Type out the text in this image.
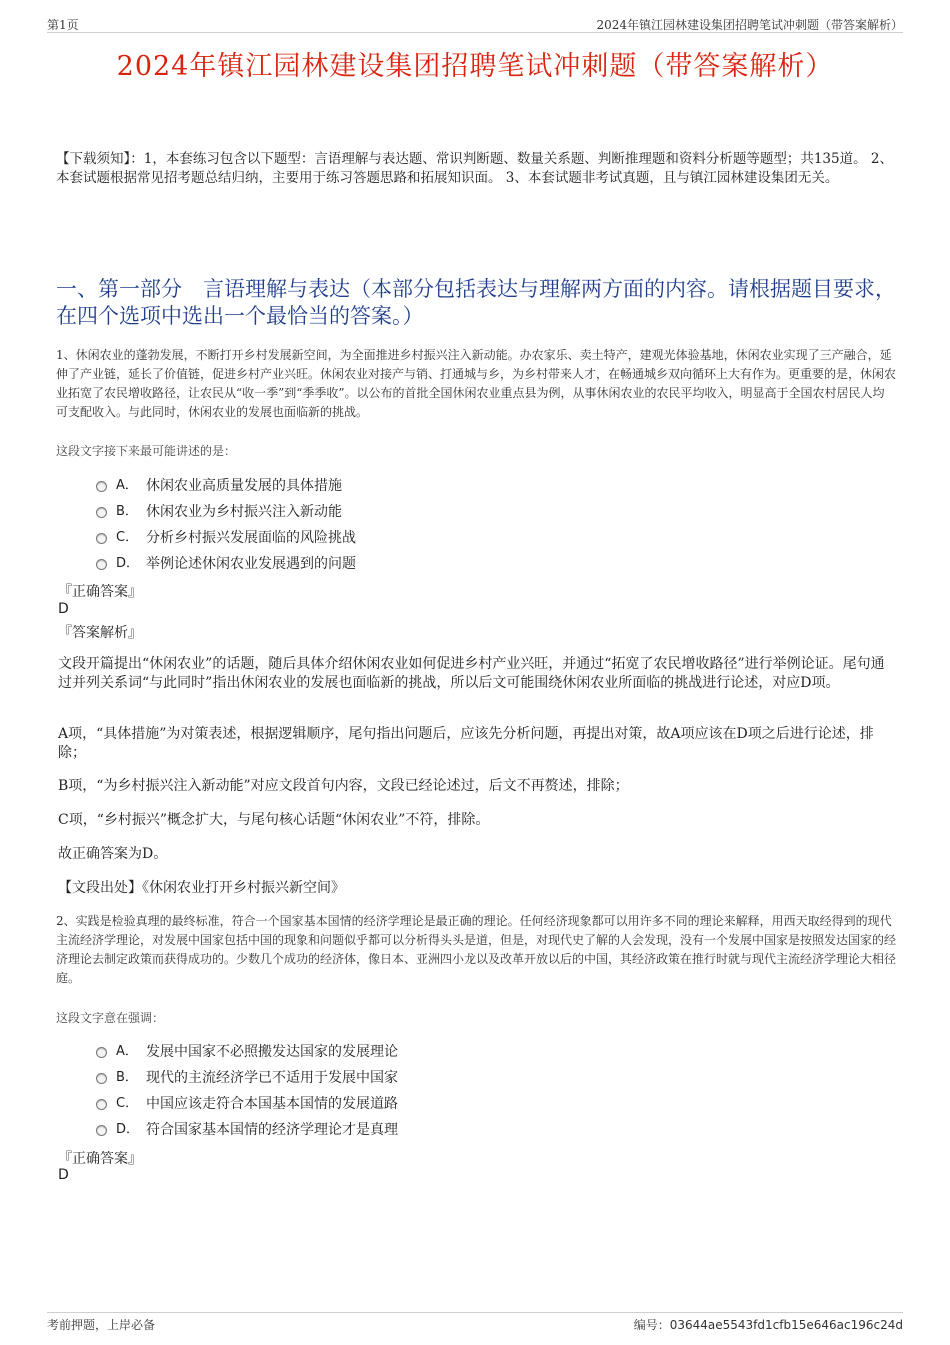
第1页	2024年镇江园林建设集团招聘笔试冲刺题（带答案解析）
2024年镇江园林建设集团招聘笔试冲刺题（带答案解析）
【下载须知】：1，本套练习包含以下题型：言语理解与表达题、常识判断题、数量关系题、判断推理题和资料分析题等题型；共135道。 2、本套试题根据常见招考题总结归纳，主要用于练习答题思路和拓展知识面。 3、本套试题非考试真题，且与镇江园林建设集团无关。
一、第一部分　言语理解与表达（本部分包括表达与理解两方面的内容。请根据题目要求，在四个选项中选出一个最恰当的答案。）
1、休闲农业的蓬勃发展，不断打开乡村发展新空间，为全面推进乡村振兴注入新动能。办农家乐、卖土特产，建观光体验基地，休闲农业实现了三产融合，延伸了产业链，延长了价值链，促进乡村产业兴旺。休闲农业对接产与销、打通城与乡，为乡村带来人才，在畅通城乡双向循环上大有作为。更重要的是，休闲农业拓宽了农民增收路径，让农民从“收一季”到“季季收”。以公布的首批全国休闲农业重点县为例，从事休闲农业的农民平均收入，明显高于全国农村居民人均可支配收入。与此同时，休闲农业的发展也面临新的挑战。
这段文字接下来最可能讲述的是：
A． 休闲农业高质量发展的具体措施
B． 休闲农业为乡村振兴注入新动能
C． 分析乡村振兴发展面临的风险挑战
D． 举例论述休闲农业发展遇到的问题
『正确答案』
D
『答案解析』
文段开篇提出“休闲农业”的话题，随后具体介绍休闲农业如何促进乡村产业兴旺，并通过“拓宽了农民增收路径”进行举例论证。尾句通过并列关系词“与此同时”指出休闲农业的发展也面临新的挑战，所以后文可能围绕休闲农业所面临的挑战进行论述，对应D项。
A项，“具体措施”为对策表述，根据逻辑顺序，尾句指出问题后，应该先分析问题，再提出对策，故A项应该在D项之后进行论述，排除；
B项，“为乡村振兴注入新动能”对应文段首句内容，文段已经论述过，后文不再赘述，排除；
C项，“乡村振兴”概念扩大，与尾句核心话题“休闲农业”不符，排除。
故正确答案为D。
【文段出处】《休闲农业打开乡村振兴新空间》
2、实践是检验真理的最终标准，符合一个国家基本国情的经济学理论是最正确的理论。任何经济现象都可以用许多不同的理论来解释，用西天取经得到的现代主流经济学理论，对发展中国家包括中国的现象和问题似乎都可以分析得头头是道，但是，对现代史了解的人会发现，没有一个发展中国家是按照发达国家的经济理论去制定政策而获得成功的。少数几个成功的经济体，像日本、亚洲四小龙以及改革开放以后的中国，其经济政策在推行时就与现代主流经济学理论大相径庭。
这段文字意在强调：
A． 发展中国家不必照搬发达国家的发展理论
B． 现代的主流经济学已不适用于发展中国家
C． 中国应该走符合本国基本国情的发展道路
D． 符合国家基本国情的经济学理论才是真理
『正确答案』
D
考前押题，上岸必备	编号：03644ae5543fd1cfb15e646ac196c24d
